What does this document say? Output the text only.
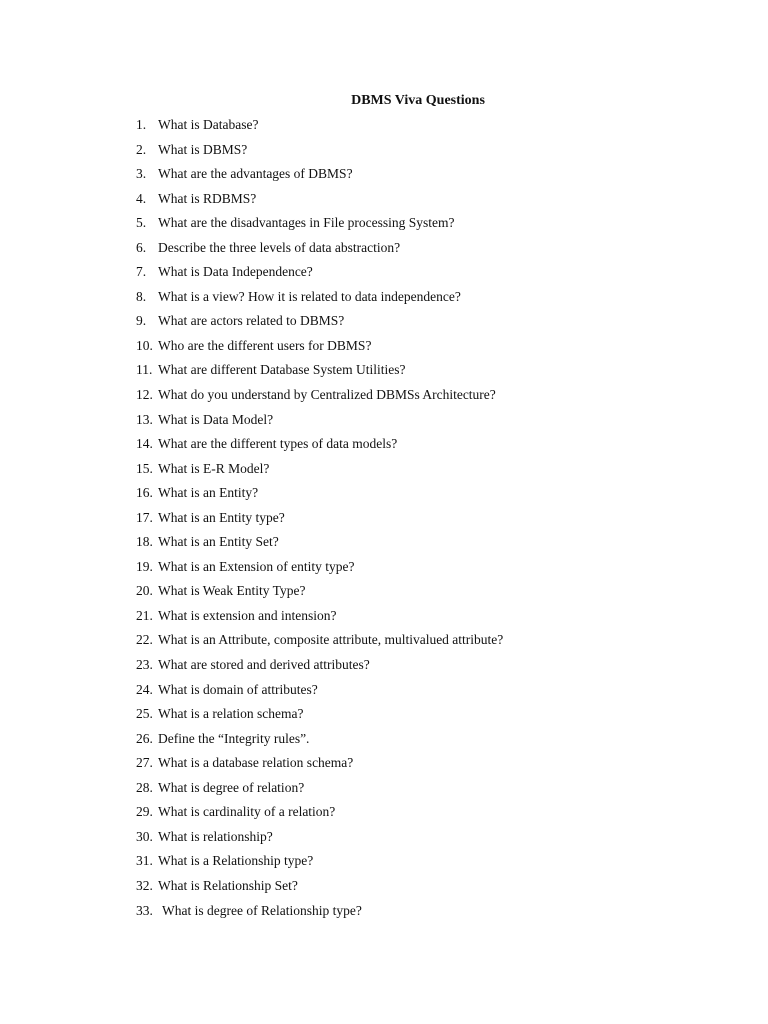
DBMS Viva Questions
1. What is Database?
2. What is DBMS?
3. What are the advantages of DBMS?
4. What is RDBMS?
5. What are the disadvantages in File processing System?
6. Describe the three levels of data abstraction?
7. What is Data Independence?
8. What is a view? How it is related to data independence?
9. What are actors related to DBMS?
10. Who are the different users for DBMS?
11. What are different Database System Utilities?
12. What do you understand by Centralized DBMSs Architecture?
13. What is Data Model?
14. What are the different types of data models?
15. What is E-R Model?
16. What is an Entity?
17. What is an Entity type?
18. What is an Entity Set?
19. What is an Extension of entity type?
20. What is Weak Entity Type?
21. What is extension and intension?
22. What is an Attribute, composite attribute, multivalued attribute?
23. What are stored and derived attributes?
24. What is domain of attributes?
25. What is a relation schema?
26. Define the “Integrity rules”.
27. What is a database relation schema?
28. What is degree of relation?
29. What is cardinality of a relation?
30. What is relationship?
31. What is a Relationship type?
32. What is Relationship Set?
33. What is degree of Relationship type?
